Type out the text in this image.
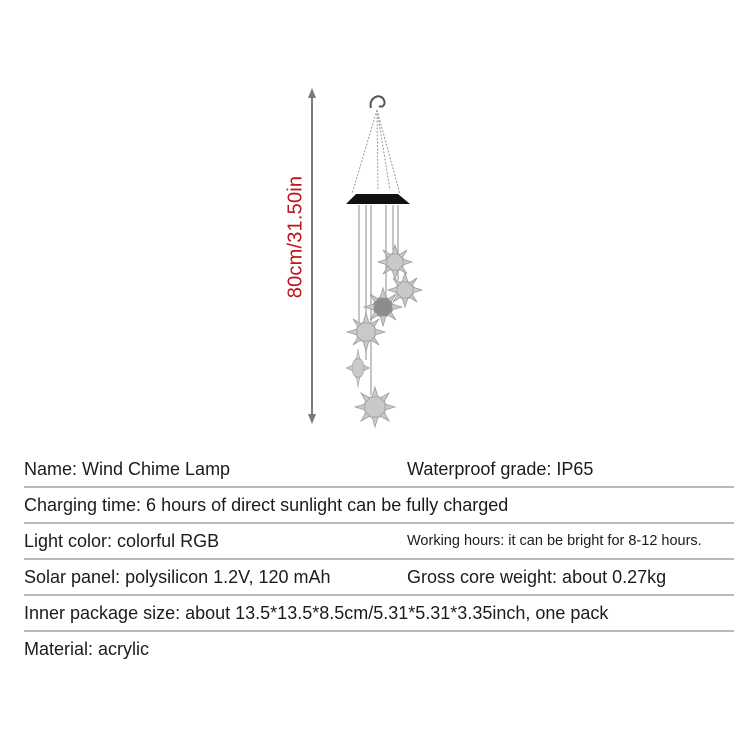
80cm/31.50in
Name: Wind Chime Lamp	Waterproof grade: IP65
Charging time: 6 hours of direct sunlight can be fully charged
Light color: colorful RGB	Working hours: it can be bright for 8-12 hours.
Solar panel: polysilicon 1.2V, 120 mAh	Gross core weight: about 0.27kg
Inner package size: about 13.5*13.5*8.5cm/5.31*5.31*3.35inch, one pack
Material: acrylic
